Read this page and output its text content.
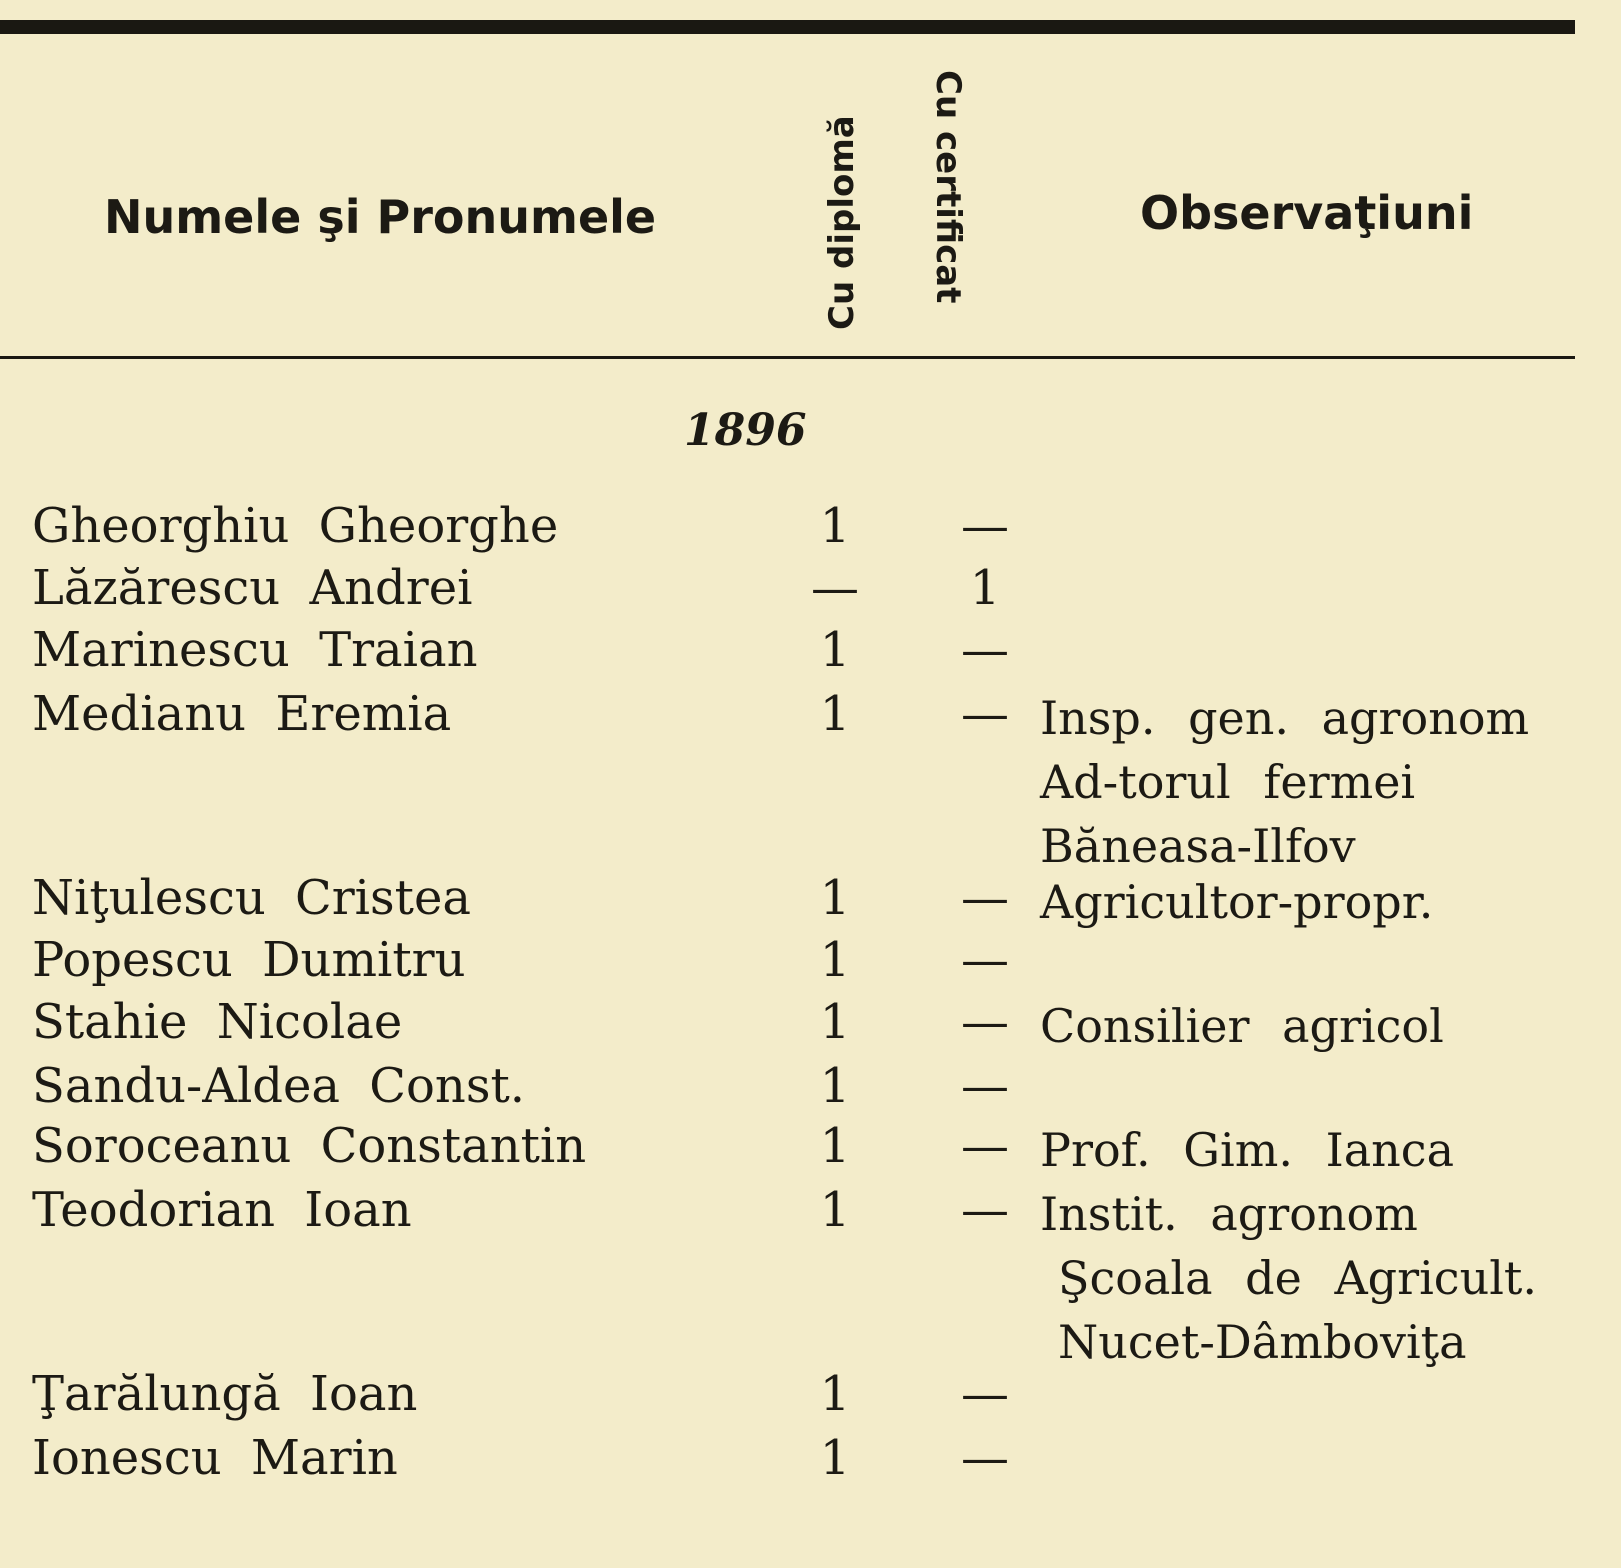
Numele şi Pronumele	Cu diplomă Cu certificat	Observaţiuni
1896
Gheorghiu Gheorghe	1	—
Lăzărescu Andrei	—	1
Marinescu Traian	1	—
Medianu Eremia	1	— Insp. gen. agronom
Ad-torul fermei
Băneasa-Ilfov
Niţulescu Cristea	1	— Agricultor-propr.
Popescu Dumitru	1	—
Stahie Nicolae	1	— Consilier agricol
Sandu-Aldea Const.	1	—
Soroceanu Constantin	1	— Prof. Gim. Ianca
Teodorian Ioan	1	— Instit. agronom
Şcoala de Agricult.
Nucet-Dâmboviţa
Ţarălungă Ioan	1	—
Ionescu Marin	1	—
